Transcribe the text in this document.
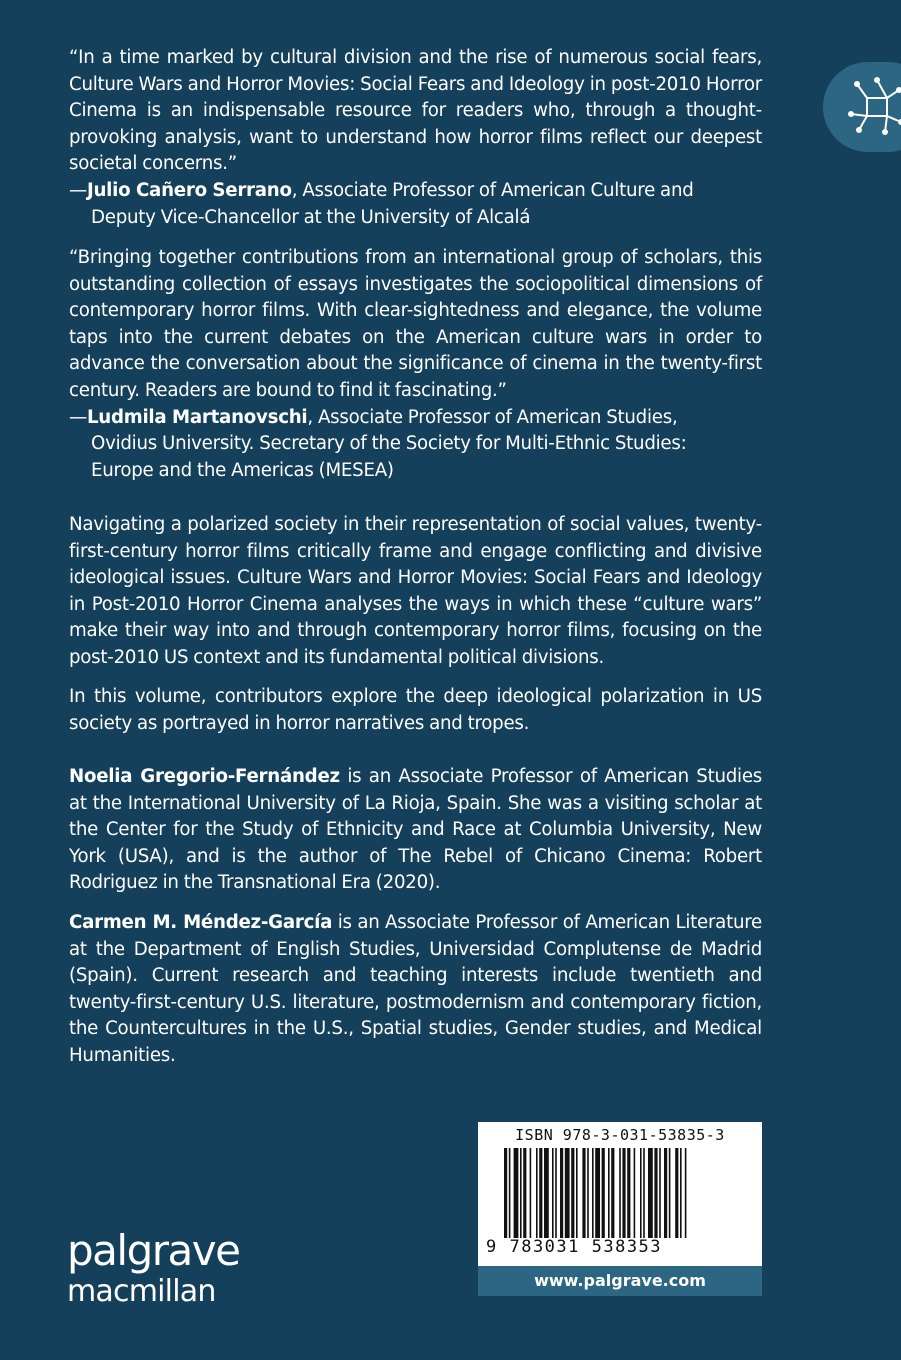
“In a time marked by cultural division and the rise of numerous social fears, Culture Wars and Horror Movies: Social Fears and Ideology in post-2010 Horror Cinema is an indispensable resource for readers who, through a thought-provoking analysis, want to understand how horror films reflect our deepest societal concerns.”

—Julio Cañero Serrano, Associate Professor of American Culture and
Deputy Vice-Chancellor at the University of Alcalá

“Bringing together contributions from an international group of scholars, this outstanding collection of essays investigates the sociopolitical dimensions of contemporary horror films. With clear-sightedness and elegance, the volume taps into the current debates on the American culture wars in order to advance the conversation about the significance of cinema in the twenty-first century. Readers are bound to find it fascinating.”

—Ludmila Martanovschi, Associate Professor of American Studies,
Ovidius University. Secretary of the Society for Multi-Ethnic Studies:
Europe and the Americas (MESEA)

Navigating a polarized society in their representation of social values, twenty-first-century horror films critically frame and engage conflicting and divisive ideological issues. Culture Wars and Horror Movies: Social Fears and Ideology in Post-2010 Horror Cinema analyses the ways in which these “culture wars” make their way into and through contemporary horror films, focusing on the post-2010 US context and its fundamental political divisions.

In this volume, contributors explore the deep ideological polarization in US society as portrayed in horror narratives and tropes.

Noelia Gregorio-Fernández is an Associate Professor of American Studies at the International University of La Rioja, Spain. She was a visiting scholar at the Center for the Study of Ethnicity and Race at Columbia University, New York (USA), and is the author of The Rebel of Chicano Cinema: Robert Rodriguez in the Transnational Era (2020).

Carmen M. Méndez-García is an Associate Professor of American Literature at the Department of English Studies, Universidad Complutense de Madrid (Spain). Current research and teaching interests include twentieth and twenty-first-century U.S. literature, postmodernism and contemporary fiction, the Countercultures in the U.S., Spatial studies, Gender studies, and Medical Humanities.

palgrave
macmillan
ISBN 978-3-031-53835-3
9 783031 538353
www.palgrave.com
